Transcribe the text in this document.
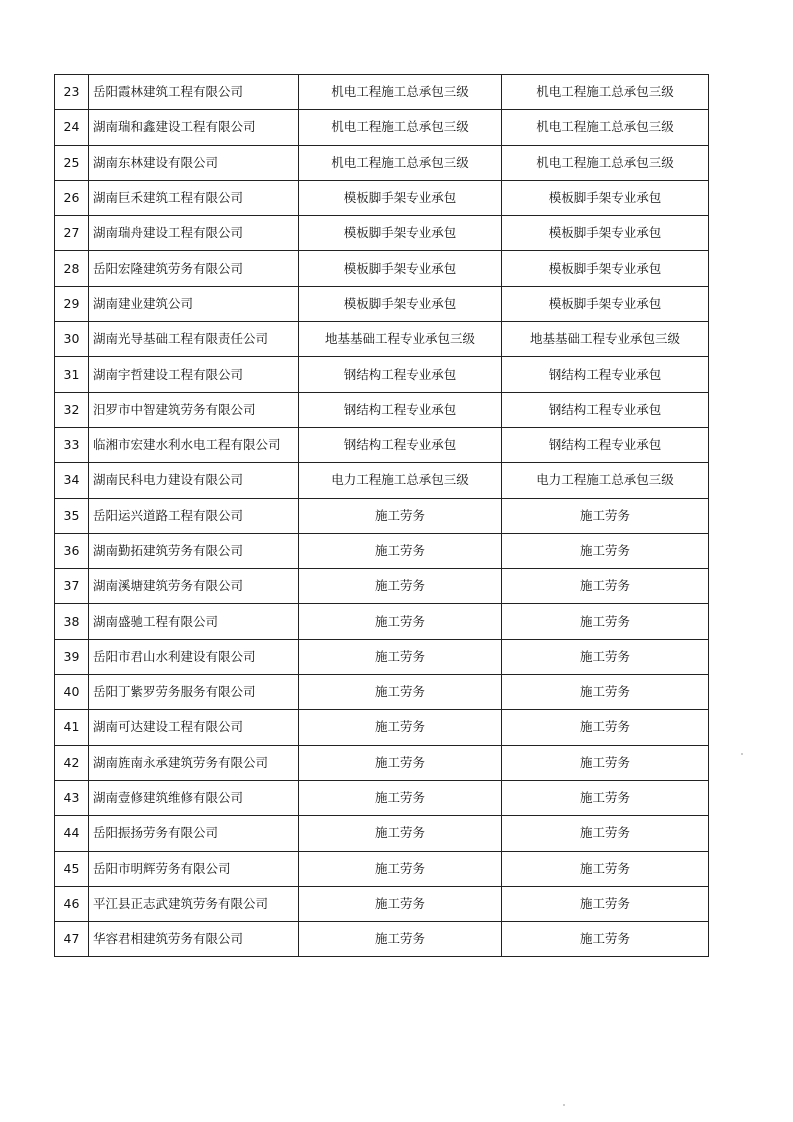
23	岳阳霞林建筑工程有限公司	机电工程施工总承包三级	机电工程施工总承包三级
24	湖南瑞和鑫建设工程有限公司	机电工程施工总承包三级	机电工程施工总承包三级
25	湖南东林建设有限公司	机电工程施工总承包三级	机电工程施工总承包三级
26	湖南巨禾建筑工程有限公司	模板脚手架专业承包	模板脚手架专业承包
27	湖南瑞舟建设工程有限公司	模板脚手架专业承包	模板脚手架专业承包
28	岳阳宏隆建筑劳务有限公司	模板脚手架专业承包	模板脚手架专业承包
29	湖南建业建筑公司	模板脚手架专业承包	模板脚手架专业承包
30	湖南光导基础工程有限责任公司	地基基础工程专业承包三级	地基基础工程专业承包三级
31	湖南宇哲建设工程有限公司	钢结构工程专业承包	钢结构工程专业承包
32	汨罗市中智建筑劳务有限公司	钢结构工程专业承包	钢结构工程专业承包
33	临湘市宏建水利水电工程有限公司	钢结构工程专业承包	钢结构工程专业承包
34	湖南民科电力建设有限公司	电力工程施工总承包三级	电力工程施工总承包三级
35	岳阳运兴道路工程有限公司	施工劳务	施工劳务
36	湖南勤拓建筑劳务有限公司	施工劳务	施工劳务
37	湖南溪塘建筑劳务有限公司	施工劳务	施工劳务
38	湖南盛驰工程有限公司	施工劳务	施工劳务
39	岳阳市君山水利建设有限公司	施工劳务	施工劳务
40	岳阳丁紫罗劳务服务有限公司	施工劳务	施工劳务
41	湖南可达建设工程有限公司	施工劳务	施工劳务
42	湖南旌南永承建筑劳务有限公司	施工劳务	施工劳务
43	湖南壹修建筑维修有限公司	施工劳务	施工劳务
44	岳阳振扬劳务有限公司	施工劳务	施工劳务
45	岳阳市明辉劳务有限公司	施工劳务	施工劳务
46	平江县正志武建筑劳务有限公司	施工劳务	施工劳务
47	华容君相建筑劳务有限公司	施工劳务	施工劳务
